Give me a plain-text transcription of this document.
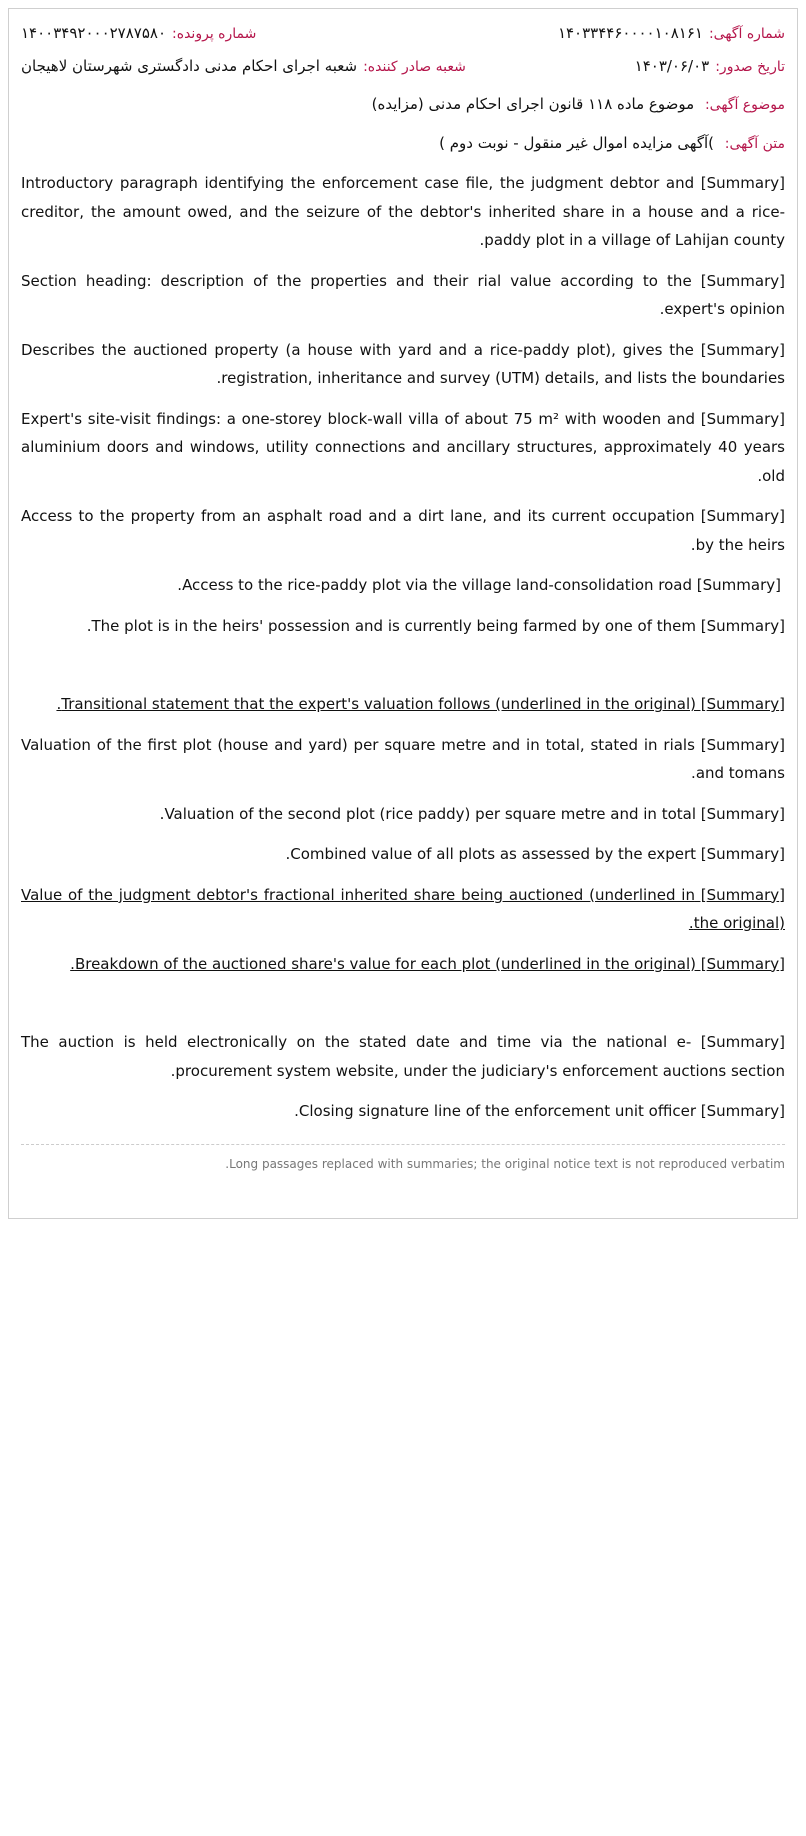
شماره آگهی:
۱۴۰۳۳۴۴۶۰۰۰۰۱۰۸۱۶۱
شماره پرونده:
۱۴۰۰۳۴۹۲۰۰۰۲۷۸۷۵۸۰
تاریخ صدور:
۱۴۰۳/۰۶/۰۳
شعبه صادر کننده:
شعبه اجرای احکام مدنی دادگستری شهرستان لاهیجان
موضوع آگهی: موضوع ماده ۱۱۸ قانون اجرای احکام مدنی (مزایده)
متن آگهی: )آگهی مزایده اموال غیر منقول - نوبت دوم )

[Summary] Introductory paragraph identifying the enforcement case file, the judgment debtor and creditor, the amount owed, and the seizure of the debtor's inherited share in a house and a rice-paddy plot in a village of Lahijan county.

[Summary] Section heading: description of the properties and their rial value according to the expert's opinion.

[Summary] Describes the auctioned property (a house with yard and a rice-paddy plot), gives the registration, inheritance and survey (UTM) details, and lists the boundaries.

[Summary] Expert's site-visit findings: a one-storey block-wall villa of about 75 m² with wooden and aluminium doors and windows, utility connections and ancillary structures, approximately 40 years old.

[Summary] Access to the property from an asphalt road and a dirt lane, and its current occupation by the heirs.

[Summary] Access to the rice-paddy plot via the village land-consolidation road.

[Summary] The plot is in the heirs' possession and is currently being farmed by one of them.

[Summary] Transitional statement that the expert's valuation follows (underlined in the original).

[Summary] Valuation of the first plot (house and yard) per square metre and in total, stated in rials and tomans.

[Summary] Valuation of the second plot (rice paddy) per square metre and in total.

[Summary] Combined value of all plots as assessed by the expert.

[Summary] Value of the judgment debtor's fractional inherited share being auctioned (underlined in the original).

[Summary] Breakdown of the auctioned share's value for each plot (underlined in the original).

[Summary] The auction is held electronically on the stated date and time via the national e-procurement system website, under the judiciary's enforcement auctions section.

[Summary] Closing signature line of the enforcement unit officer.

Long passages replaced with summaries; the original notice text is not reproduced verbatim.
